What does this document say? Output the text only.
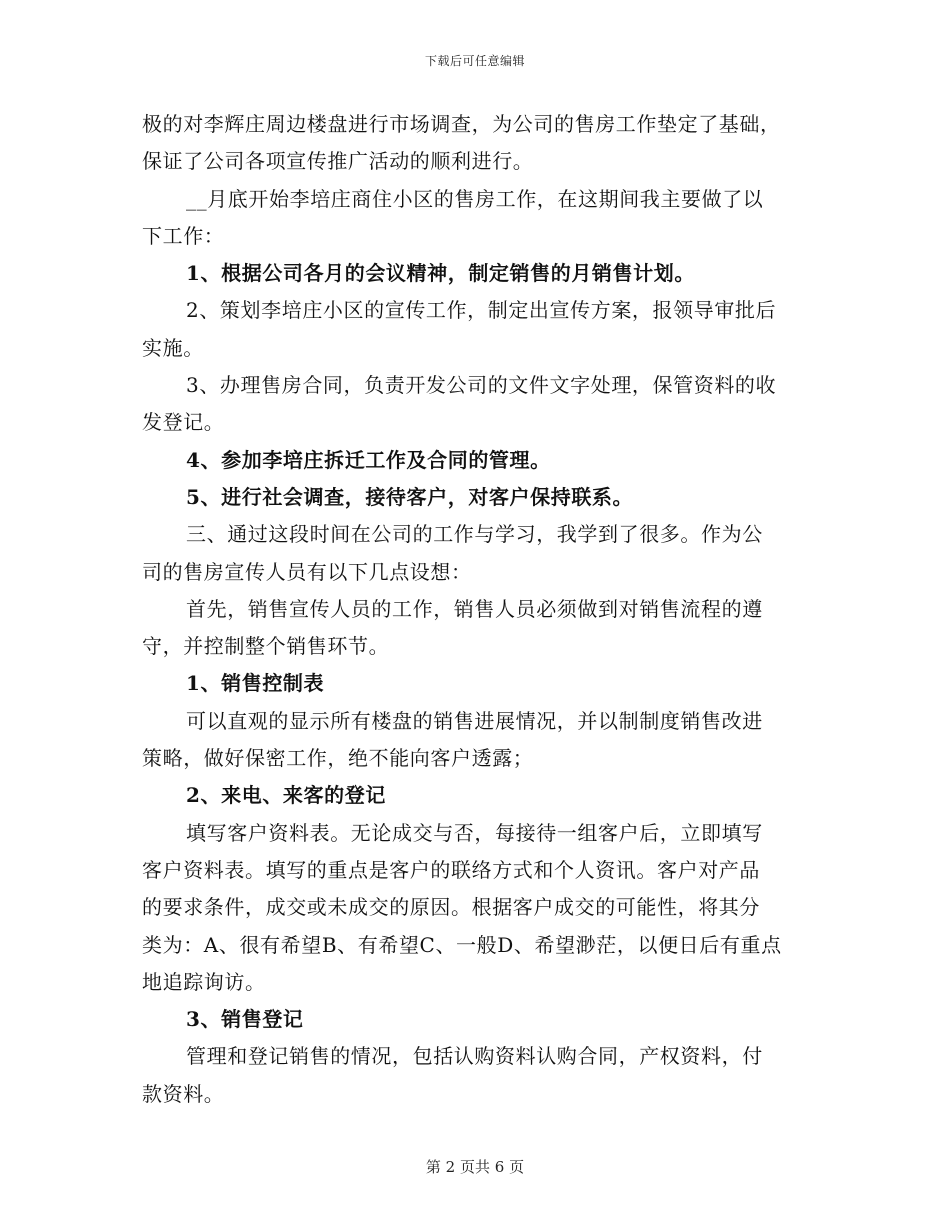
下载后可任意编辑
极的对李辉庄周边楼盘进行市场调查，为公司的售房工作垫定了基础，
保证了公司各项宣传推广活动的顺利进行。
__月底开始李培庄商住小区的售房工作，在这期间我主要做了以
下工作：
1、根据公司各月的会议精神，制定销售的月销售计划。
2、策划李培庄小区的宣传工作，制定出宣传方案，报领导审批后
实施。
3、办理售房合同，负责开发公司的文件文字处理，保管资料的收
发登记。
4、参加李培庄拆迁工作及合同的管理。
5、进行社会调查，接待客户，对客户保持联系。
三、通过这段时间在公司的工作与学习，我学到了很多。作为公
司的售房宣传人员有以下几点设想：
首先，销售宣传人员的工作，销售人员必须做到对销售流程的遵
守，并控制整个销售环节。
1、销售控制表
可以直观的显示所有楼盘的销售进展情况，并以制制度销售改进
策略，做好保密工作，绝不能向客户透露；
2、来电、来客的登记
填写客户资料表。无论成交与否，每接待一组客户后，立即填写
客户资料表。填写的重点是客户的联络方式和个人资讯。客户对产品
的要求条件，成交或未成交的原因。根据客户成交的可能性，将其分
类为：A、很有希望B、有希望C、一般D、希望渺茫，以便日后有重点
地追踪询访。
3、销售登记
管理和登记销售的情况，包括认购资料认购合同，产权资料，付
款资料。
第 2 页共 6 页
